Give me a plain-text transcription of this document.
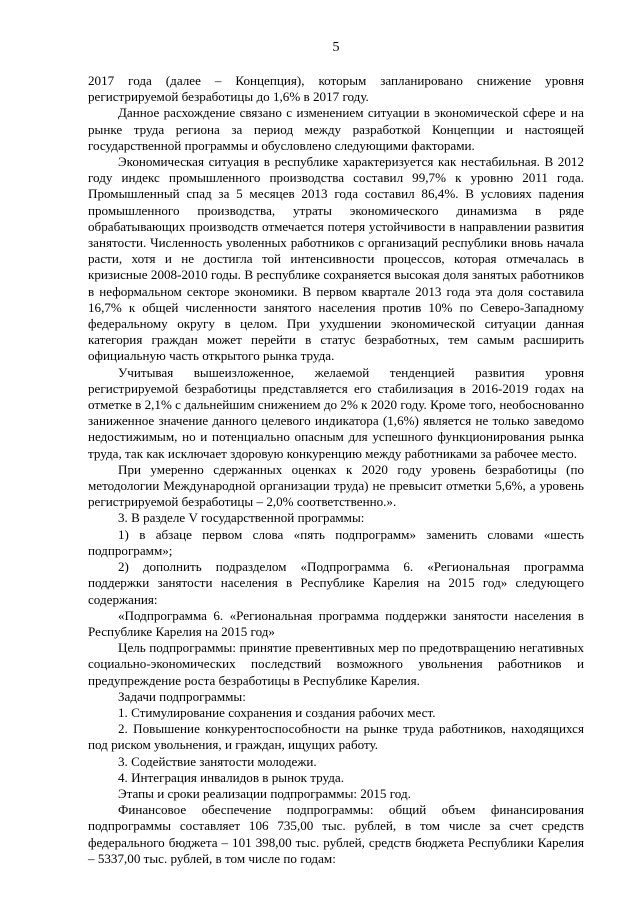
5

2017 года (далее – Концепция), которым запланировано снижение уровня регистрируемой безработицы до 1,6% в 2017 году.

Данное расхождение связано с изменением ситуации в экономической сфере и на рынке труда региона за период между разработкой Концепции и настоящей государственной программы и обусловлено следующими факторами.

Экономическая ситуация в республике характеризуется как нестабильная. В 2012 году индекс промышленного производства составил 99,7% к уровню 2011 года. Промышленный спад за 5 месяцев 2013 года составил 86,4%. В условиях падения промышленного производства, утраты экономического динамизма в ряде обрабатывающих производств отмечается потеря устойчивости в направлении развития занятости. Численность уволенных работников с организаций республики вновь начала расти, хотя и не достигла той интенсивности процессов, которая отмечалась в кризисные 2008-2010 годы. В республике сохраняется высокая доля занятых работников в неформальном секторе экономики. В первом квартале 2013 года эта доля составила 16,7% к общей численности занятого населения против 10% по Северо-Западному федеральному округу в целом. При ухудшении экономической ситуации данная категория граждан может перейти в статус безработных, тем самым расширить официальную часть открытого рынка труда.

Учитывая вышеизложенное, желаемой тенденцией развития уровня регистрируемой безработицы представляется его стабилизация в 2016-2019 годах на отметке в 2,1% с дальнейшим снижением до 2% к 2020 году. Кроме того, необоснованно заниженное значение данного целевого индикатора (1,6%) является не только заведомо недостижимым, но и потенциально опасным для успешного функционирования рынка труда, так как исключает здоровую конкуренцию между работниками за рабочее место.

При умеренно сдержанных оценках к 2020 году уровень безработицы (по методологии Международной организации труда) не превысит отметки 5,6%, а уровень регистрируемой безработицы – 2,0% соответственно.».

3. В разделе V государственной программы:

1) в абзаце первом слова «пять подпрограмм» заменить словами «шесть подпрограмм»;

2) дополнить подразделом «Подпрограмма 6. «Региональная программа поддержки занятости населения в Республике Карелия на 2015 год» следующего содержания:

«Подпрограмма 6. «Региональная программа поддержки занятости населения в Республике Карелия на 2015 год»

Цель подпрограммы: принятие превентивных мер по предотвращению негативных социально-экономических последствий возможного увольнения работников и предупреждение роста безработицы в Республике Карелия.

Задачи подпрограммы:

1. Стимулирование сохранения и создания рабочих мест.

2. Повышение конкурентоспособности на рынке труда работников, находящихся под риском увольнения, и граждан, ищущих работу.

3. Содействие занятости молодежи.

4. Интеграция инвалидов в рынок труда.

Этапы и сроки реализации подпрограммы: 2015 год.

Финансовое обеспечение подпрограммы: общий объем финансирования подпрограммы составляет 106 735,00 тыс. рублей, в том числе за счет средств федерального бюджета – 101 398,00 тыс. рублей, средств бюджета Республики Карелия – 5337,00 тыс. рублей, в том числе по годам:
